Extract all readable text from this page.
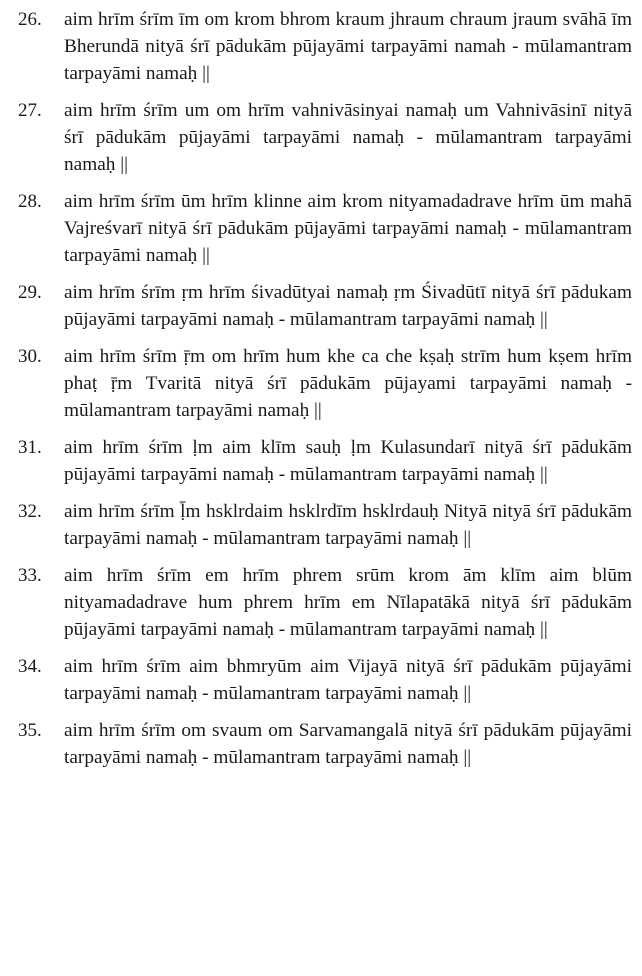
26.	aim hrīm śrīm īm om krom bhrom kraum jhraum chraum jraum svāhā īm Bherundā nityā śrī pādukām pūjayāmi tarpayāmi namah - mūlamantram tarpayāmi namaḥ ||
27.	aim hrīm śrīm um om hrīm vahnivāsinyai namaḥ um Vahnivāsinī nityā śrī pādukām pūjayāmi tarpayāmi namaḥ - mūlamantram tarpayāmi namaḥ ||
28.	aim hrīm śrīm ūm hrīm klinne aim krom nityamadadrave hrīm ūm mahā Vajreśvarī nityā śrī pādukām pūjayāmi tarpayāmi namaḥ - mūlamantram tarpayāmi namaḥ ||
29.	aim hrīm śrīm ṛm hrīm śivadūtyai namaḥ ṛm Śivadūtī nityā śrī pādukam pūjayāmi tarpayāmi namaḥ - mūlamantram tarpayāmi namaḥ ||
30.	aim hrīm śrīm ṝm om hrīm hum khe ca che kṣaḥ strīm hum kṣem hrīm phaṭ ṝm Tvaritā nityā śrī pādukām pūjayami tarpayāmi namaḥ - mūlamantram tarpayāmi namaḥ ||
31.	aim hrīm śrīm ḷm aim klīm sauḥ ḷm Kulasundarī nityā śrī pādukām pūjayāmi tarpayāmi namaḥ - mūlamantram tarpayāmi namaḥ ||
32.	aim hrīm śrīm ḹm hsklrdaim hsklrdīm hsklrdauḥ Nityā nityā śrī pādukām tarpayāmi namaḥ - mūlamantram tarpayāmi namaḥ ||
33.	aim hrīm śrīm em hrīm phrem srūm krom ām klīm aim blūm nityamadadrave hum phrem hrīm em Nīlapatākā nityā śrī pādukām pūjayāmi tarpayāmi namaḥ - mūlamantram tarpayāmi namaḥ ||
34.	aim hrīm śrīm aim bhmryūm aim Vijayā nityā śrī pādukām pūjayāmi tarpayāmi namaḥ - mūlamantram tarpayāmi namaḥ ||
35.	aim hrīm śrīm om svaum om Sarvamangalā nityā śrī pādukām pūjayāmi tarpayāmi namaḥ - mūlamantram tarpayāmi namaḥ ||
